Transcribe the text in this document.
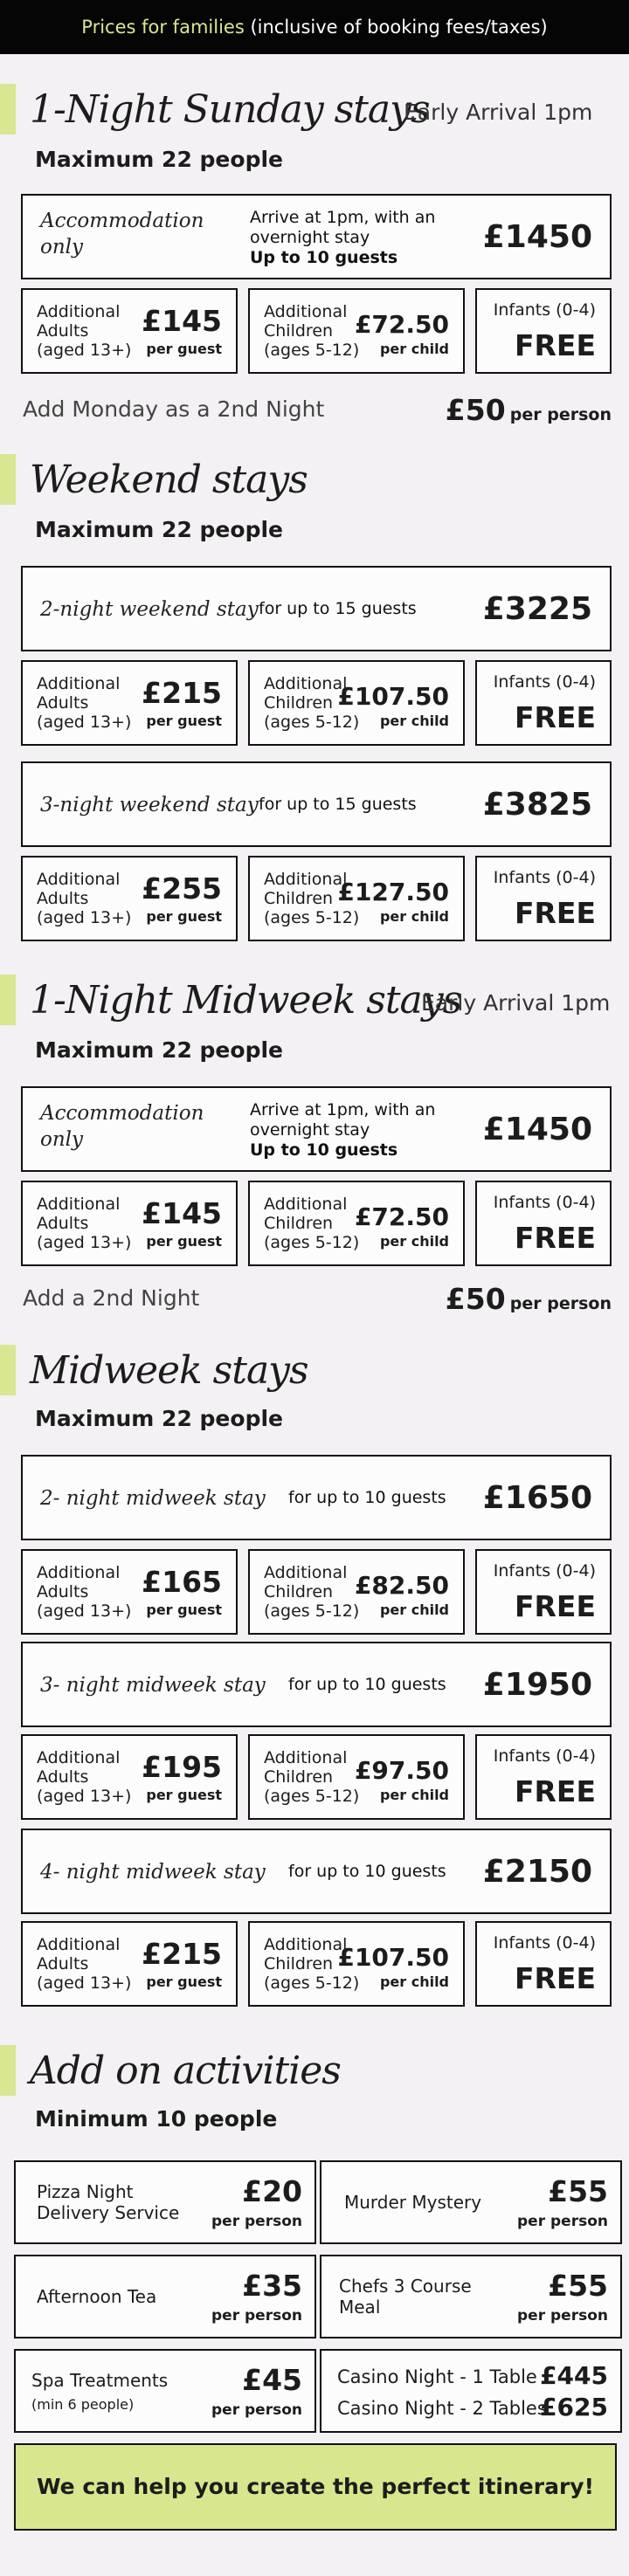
Prices for families (inclusive of booking fees/taxes)
1-Night Sunday stays
Early Arrival 1pm
Maximum 22 people
Accommodation only
Arrive at 1pm, with an
overnight stay
Up to 10 guests
£1450
Additional
Adults
(aged 13+)
£145
per guest
Additional
Children
(ages 5-12)
£72.50
per child
Infants (0-4)
FREE
Add Monday as a 2nd Night	£50 per person
Weekend stays
Maximum 22 people
2-night weekend stay for up to 15 guests £3225
Additional
Adults
(aged 13+)
£215
per guest
Additional
Children
(ages 5-12)
£107.50
per child
Infants (0-4)
FREE
3-night weekend stay for up to 15 guests £3825
Additional
Adults
(aged 13+)
£255
per guest
Additional
Children
(ages 5-12)
£127.50
per child
Infants (0-4)
FREE
1-Night Midweek stays
Early Arrival 1pm
Maximum 22 people
Accommodation only
Arrive at 1pm, with an
overnight stay
Up to 10 guests
£1450
Additional
Adults
(aged 13+)
£145
per guest
Additional
Children
(ages 5-12)
£72.50
per child
Infants (0-4)
FREE
Add a 2nd Night	£50 per person
Midweek stays
Maximum 22 people
2- night midweek stay for up to 10 guests £1650
Additional
Adults
(aged 13+)
£165
per guest
Additional
Children
(ages 5-12)
£82.50
per child
Infants (0-4)
FREE
3- night midweek stay for up to 10 guests £1950
Additional
Adults
(aged 13+)
£195
per guest
Additional
Children
(ages 5-12)
£97.50
per child
Infants (0-4)
FREE
4- night midweek stay for up to 10 guests £2150
Additional
Adults
(aged 13+)
£215
per guest
Additional
Children
(ages 5-12)
£107.50
per child
Infants (0-4)
FREE
Add on activities
Minimum 10 people
Pizza Night
Delivery Service
£20
per person
Murder Mystery £55
per person
Afternoon Tea	£35
per person
Chefs 3 Course
Meal
£55
per person
Spa Treatments
(min 6 people)
£45
per person
Casino Night - 1 Table £445
Casino Night - 2 Tables
£625
We can help you create the perfect itinerary!
